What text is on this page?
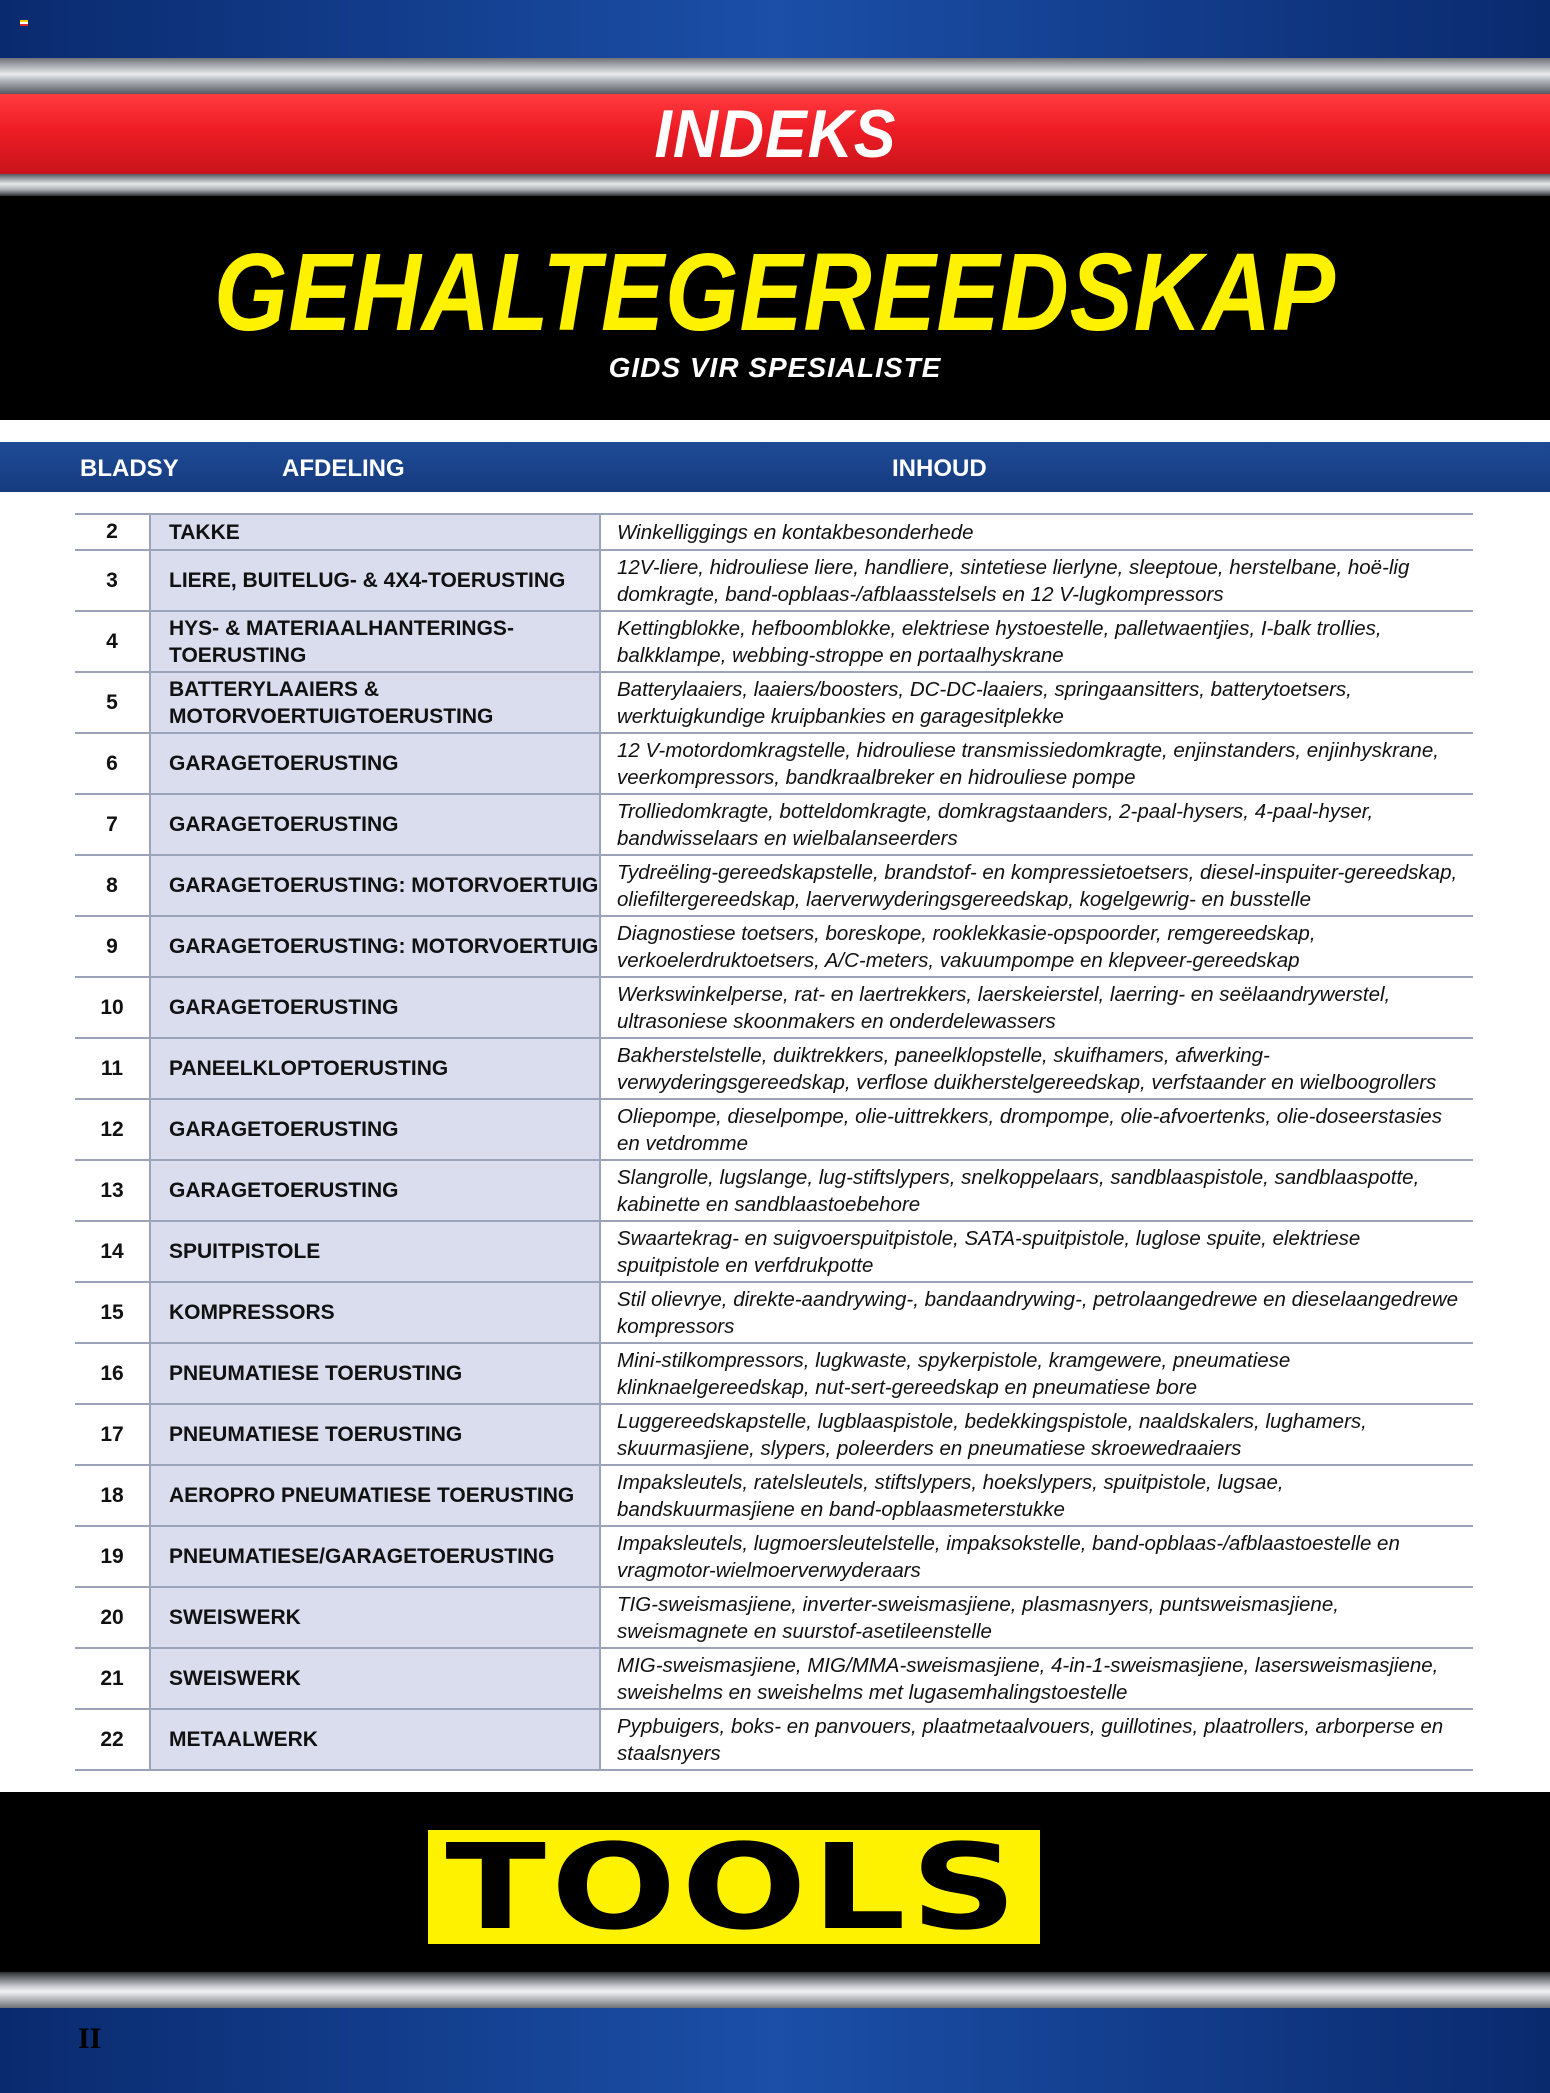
INDEKS
GEHALTEGEREEDSKAP
GIDS VIR SPESIALISTE
BLADSY	AFDELING	INHOUD
2	TAKKE	Winkelliggings en kontakbesonderhede
3	LIERE, BUITELUG- & 4X4-TOERUSTING	12V-liere, hidrouliese liere, handliere, sintetiese lierlyne, sleeptoue, herstelbane, hoë-lig domkragte, band-opblaas-/afblaasstelsels en 12 V-lugkompressors
4	HYS- & MATERIAALHANTERINGS-TOERUSTING	Kettingblokke, hefboomblokke, elektriese hystoestelle, palletwaentjies, I-balk trollies, balkklampe, webbing-stroppe en portaalhyskrane
5	BATTERYLAAIERS & MOTORVOERTUIGTOERUSTING	Batterylaaiers, laaiers/boosters, DC-DC-laaiers, springaansitters, batterytoetsers, werktuigkundige kruipbankies en garagesitplekke
6	GARAGETOERUSTING	12 V-motordomkragstelle, hidrouliese transmissiedomkragte, enjinstanders, enjinhyskrane, veerkompressors, bandkraalbreker en hidrouliese pompe
7	GARAGETOERUSTING	Trolliedomkragte, botteldomkragte, domkragstaanders, 2-paal-hysers, 4-paal-hyser, bandwisselaars en wielbalanseerders
8	GARAGETOERUSTING: MOTORVOERTUIG	Tydreëling-gereedskapstelle, brandstof- en kompressietoetsers, diesel-inspuiter-gereedskap, oliefiltergereedskap, laerverwyderingsgereedskap, kogelgewrig- en busstelle
9	GARAGETOERUSTING: MOTORVOERTUIG	Diagnostiese toetsers, boreskope, rooklekkasie-opspoorder, remgereedskap, verkoelerdruktoetsers, A/C-meters, vakuumpompe en klepveer-gereedskap
10	GARAGETOERUSTING	Werkswinkelperse, rat- en laertrekkers, laerskeierstel, laerring- en seëlaandrywerstel, ultrasoniese skoonmakers en onderdelewassers
11	PANEELKLOPTOERUSTING	Bakherstelstelle, duiktrekkers, paneelklopstelle, skuifhamers, afwerking-verwyderingsgereedskap, verflose duikherstelgereedskap, verfstaander en wielboogrollers
12	GARAGETOERUSTING	Oliepompe, dieselpompe, olie-uittrekkers, drompompe, olie-afvoertenks, olie-doseerstasies en vetdromme
13	GARAGETOERUSTING	Slangrolle, lugslange, lug-stiftslypers, snelkoppelaars, sandblaaspistole, sandblaaspotte, kabinette en sandblaastoebehore
14	SPUITPISTOLE	Swaartekrag- en suigvoerspuitpistole, SATA-spuitpistole, luglose spuite, elektriese spuitpistole en verfdrukpotte
15	KOMPRESSORS	Stil olievrye, direkte-aandrywing-, bandaandrywing-, petrolaangedrewe en dieselaangedrewe kompressors
16	PNEUMATIESE TOERUSTING	Mini-stilkompressors, lugkwaste, spykerpistole, kramgewere, pneumatiese klinknaelgereedskap, nut-sert-gereedskap en pneumatiese bore
17	PNEUMATIESE TOERUSTING	Luggereedskapstelle, lugblaaspistole, bedekkingspistole, naaldskalers, lughamers, skuurmasjiene, slypers, poleerders en pneumatiese skroewedraaiers
18	AEROPRO PNEUMATIESE TOERUSTING	Impaksleutels, ratelsleutels, stiftslypers, hoekslypers, spuitpistole, lugsae, bandskuurmasjiene en band-opblaasmeterstukke
19	PNEUMATIESE/GARAGETOERUSTING	Impaksleutels, lugmoersleutelstelle, impaksokstelle, band-opblaas-/afblaastoestelle en vragmotor-wielmoerverwyderaars
20	SWEISWERK	TIG-sweismasjiene, inverter-sweismasjiene, plasmasnyers, puntsweismasjiene, sweismagnete en suurstof-asetileenstelle
21	SWEISWERK	MIG-sweismasjiene, MIG/MMA-sweismasjiene, 4-in-1-sweismasjiene, lasersweismasjiene, sweishelms en sweishelms met lugasemhalingstoestelle
22	METAALWERK	Pypbuigers, boks- en panvouers, plaatmetaalvouers, guillotines, plaatrollers, arborperse en staalsnyers
TOOLS
II
